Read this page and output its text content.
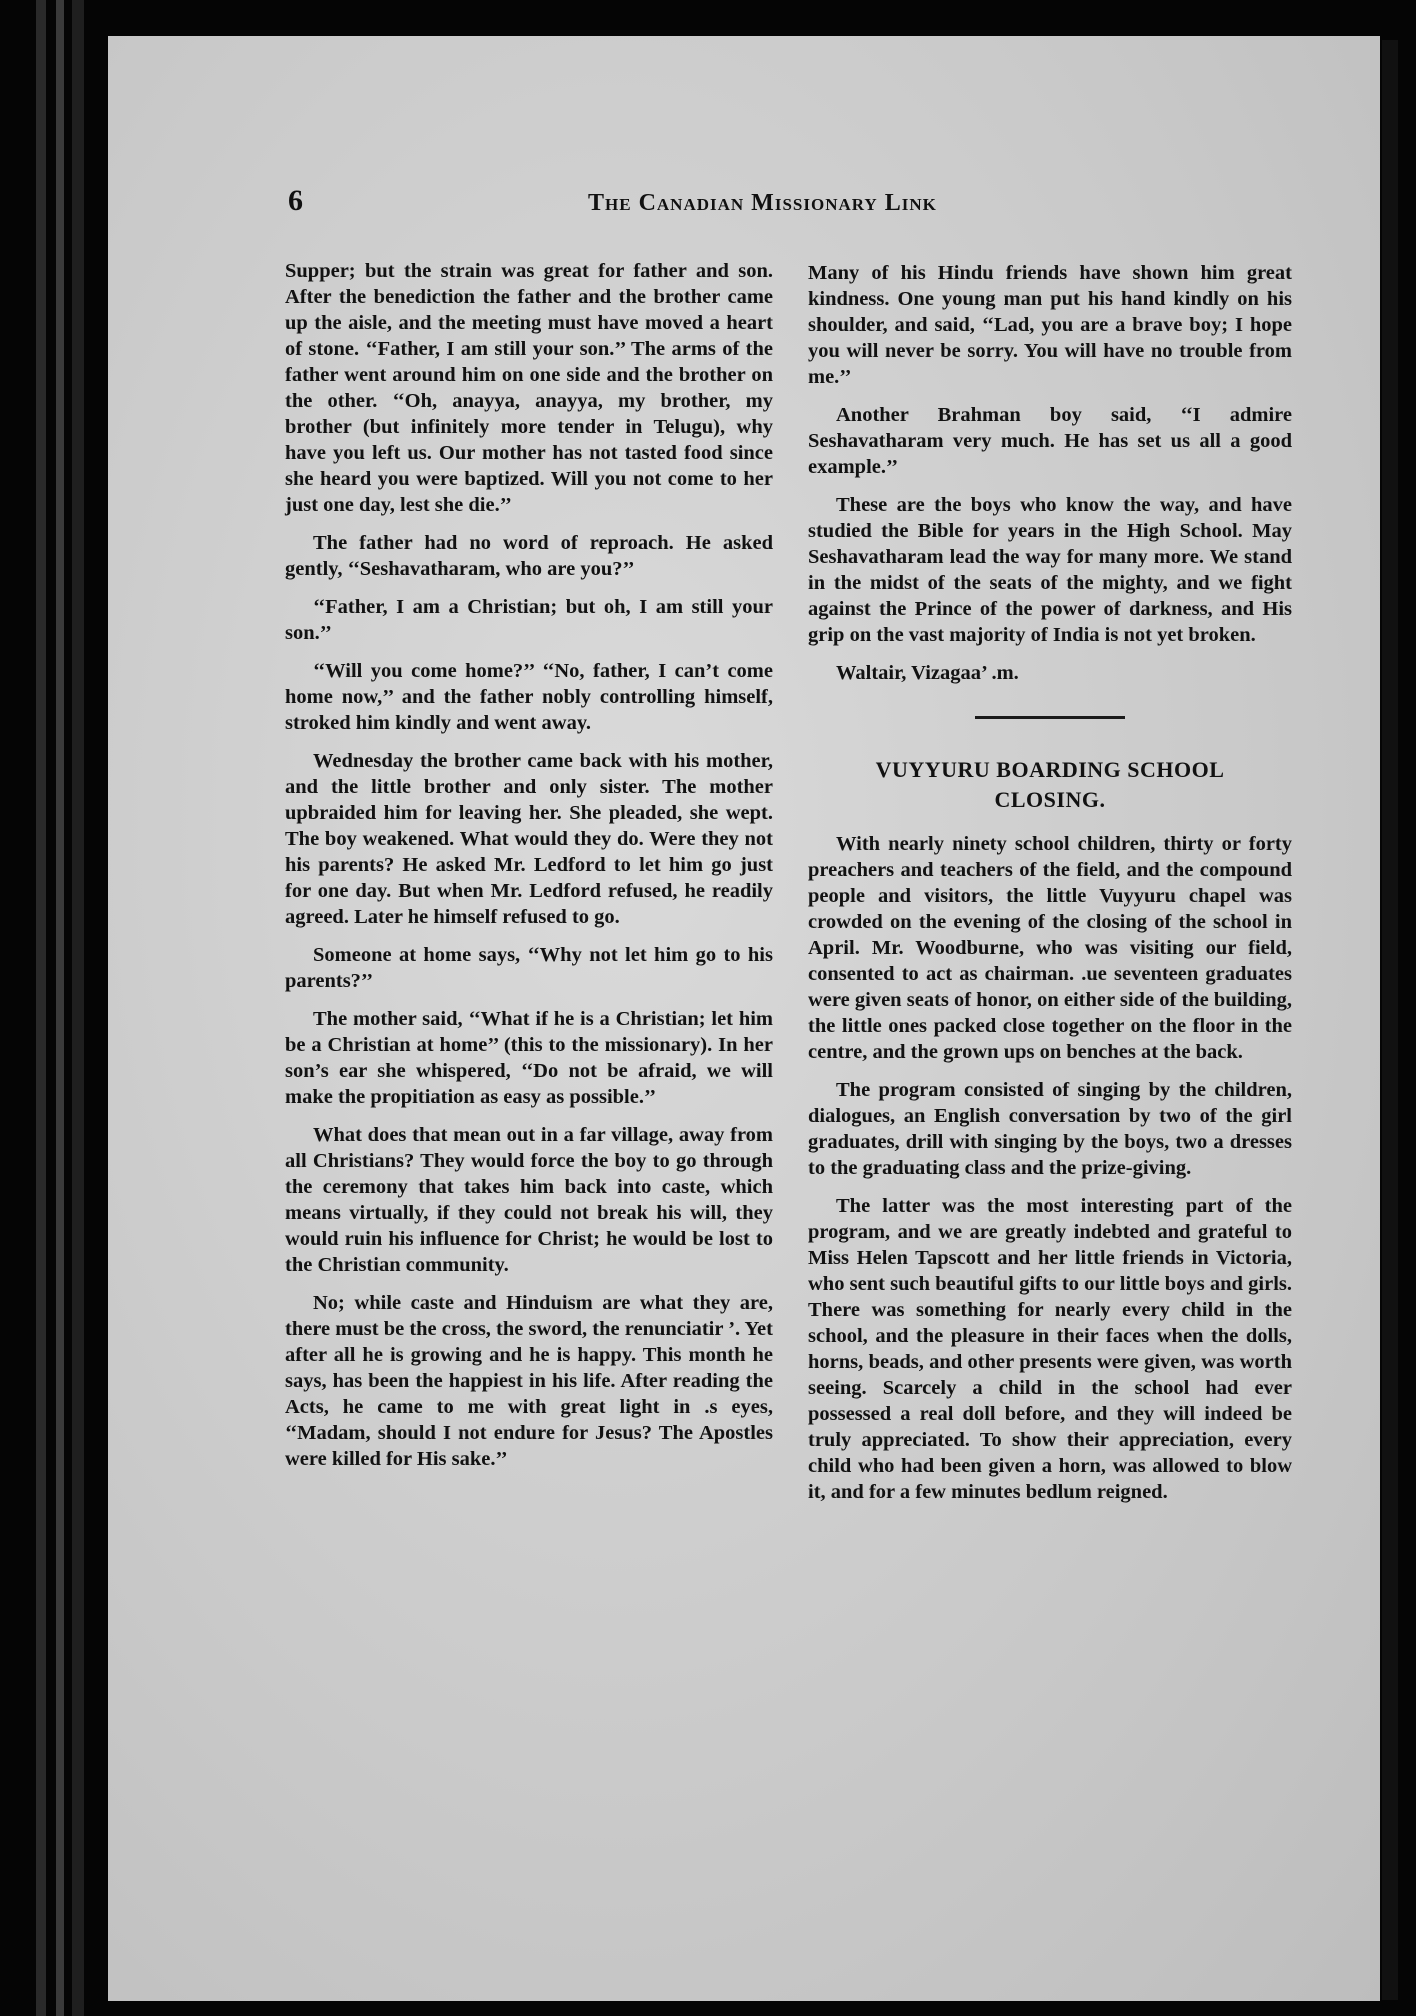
6	The Canadian Missionary Link

Supper; but the strain was great for father and son. After the benediction the father and the brother came up the aisle, and the meeting must have moved a heart of stone. ‘‘Father, I am still your son.’’ The arms of the father went around him on one side and the brother on the other. ‘‘Oh, anayya, anayya, my brother, my brother (but infinitely more tender in Telugu), why have you left us. Our mother has not tasted food since she heard you were baptized. Will you not come to her just one day, lest she die.’’

The father had no word of reproach. He asked gently, ‘‘Seshavatharam, who are you?’’

‘‘Father, I am a Christian; but oh, I am still your son.’’

‘‘Will you come home?’’ ‘‘No, father, I can’t come home now,’’ and the father nobly controlling himself, stroked him kindly and went away.

Wednesday the brother came back with his mother, and the little brother and only sister. The mother upbraided him for leaving her. She pleaded, she wept. The boy weakened. What would they do. Were they not his parents? He asked Mr. Ledford to let him go just for one day. But when Mr. Ledford refused, he readily agreed. Later he himself refused to go.

Someone at home says, ‘‘Why not let him go to his parents?’’

The mother said, ‘‘What if he is a Christian; let him be a Christian at home’’ (this to the missionary). In her son’s ear she whispered, ‘‘Do not be afraid, we will make the propitiation as easy as possible.’’

What does that mean out in a far village, away from all Christians? They would force the boy to go through the ceremony that takes him back into caste, which means virtually, if they could not break his will, they would ruin his influence for Christ; he would be lost to the Christian community.

No; while caste and Hinduism are what they are, there must be the cross, the sword, the renunciatir ’. Yet after all he is growing and he is happy. This month he says, has been the happiest in his life. After reading the Acts, he came to me with great light in .s eyes, ‘‘Madam, should I not endure for Jesus? The Apostles were killed for His sake.’’

Many of his Hindu friends have shown him great kindness. One young man put his hand kindly on his shoulder, and said, ‘‘Lad, you are a brave boy; I hope you will never be sorry. You will have no trouble from me.’’

Another Brahman boy said, ‘‘I admire Seshavatharam very much. He has set us all a good example.’’

These are the boys who know the way, and have studied the Bible for years in the High School. May Seshavatharam lead the way for many more. We stand in the midst of the seats of the mighty, and we fight against the Prince of the power of darkness, and His grip on the vast majority of India is not yet broken.

Waltair, Vizagaa’ .m.

VUYYURU BOARDING SCHOOL
CLOSING.

With nearly ninety school children, thirty or forty preachers and teachers of the field, and the compound people and visitors, the little Vuyyuru chapel was crowded on the evening of the closing of the school in April. Mr. Woodburne, who was visiting our field, consented to act as chairman. .ue seventeen graduates were given seats of honor, on either side of the building, the little ones packed close together on the floor in the centre, and the grown ups on benches at the back.

The program consisted of singing by the children, dialogues, an English conversation by two of the girl graduates, drill with singing by the boys, two a dresses to the graduating class and the prize-giving.

The latter was the most interesting part of the program, and we are greatly indebted and grateful to Miss Helen Tapscott and her little friends in Victoria, who sent such beautiful gifts to our little boys and girls. There was something for nearly every child in the school, and the pleasure in their faces when the dolls, horns, beads, and other presents were given, was worth seeing. Scarcely a child in the school had ever possessed a real doll before, and they will indeed be truly appreciated. To show their appreciation, every child who had been given a horn, was allowed to blow it, and for a few minutes bedlum reigned.
